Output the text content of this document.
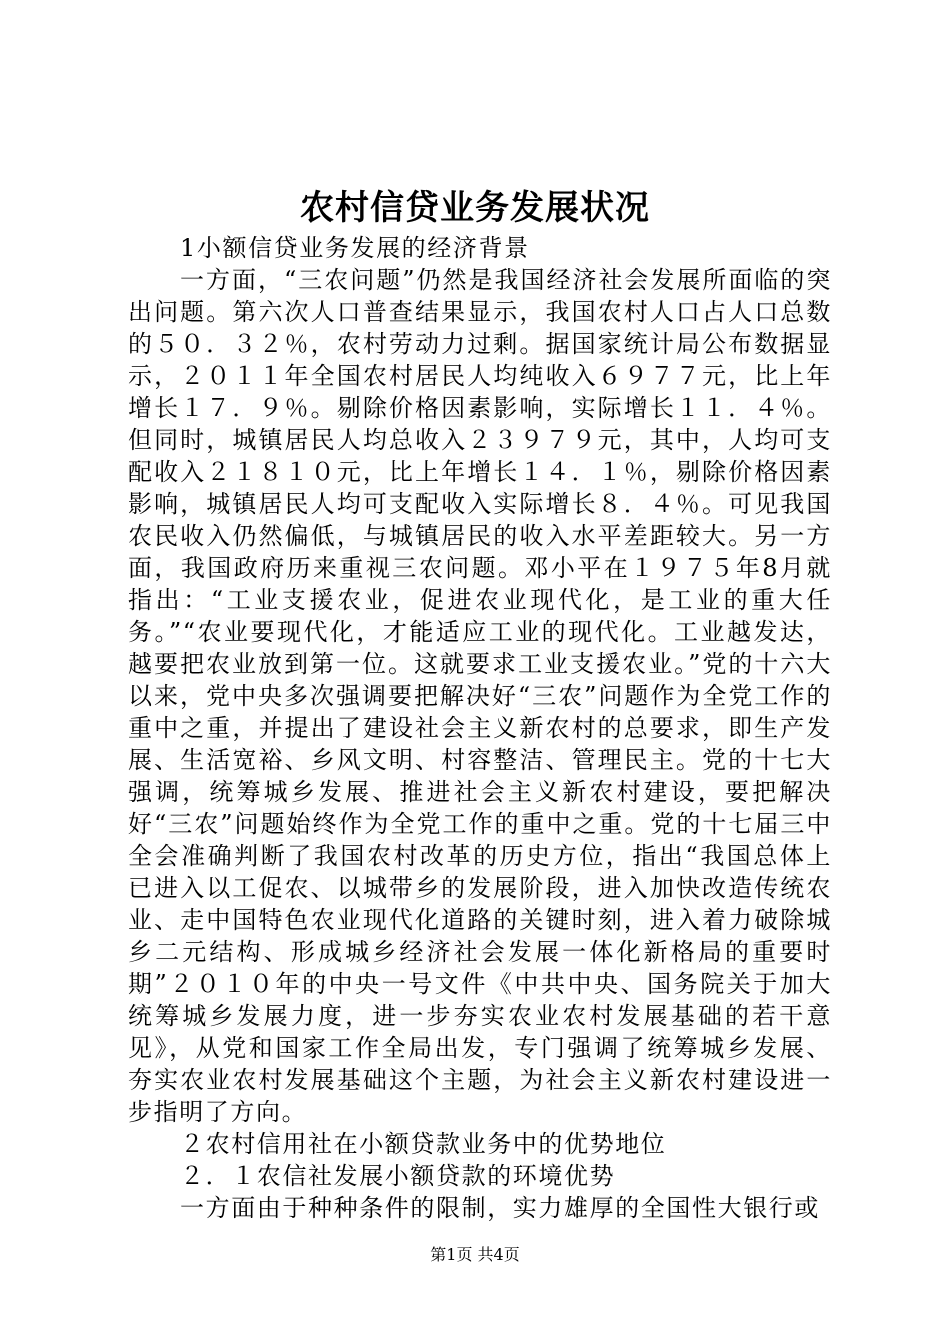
农村信贷业务发展状况

1小额信贷业务发展的经济背景

一方面，“三农问题”仍然是我国经济社会发展所面临的突出问题。第六次人口普查结果显示，我国农村人口占人口总数的５０．３２％，农村劳动力过剩。据国家统计局公布数据显示，２０１１年全国农村居民人均纯收入６９７７元，比上年增长１７．９％。剔除价格因素影响，实际增长１１．４％。但同时，城镇居民人均总收入２３９７９元，其中，人均可支配收入２１８１０元，比上年增长１４．１％，剔除价格因素影响，城镇居民人均可支配收入实际增长８．４％。可见我国农民收入仍然偏低，与城镇居民的收入水平差距较大。另一方面，我国政府历来重视三农问题。邓小平在１９７５年8月就指出：“工业支援农业，促进农业现代化，是工业的重大任务。”“农业要现代化，才能适应工业的现代化。工业越发达，越要把农业放到第一位。这就要求工业支援农业。”党的十六大以来，党中央多次强调要把解决好“三农”问题作为全党工作的重中之重，并提出了建设社会主义新农村的总要求，即生产发展、生活宽裕、乡风文明、村容整洁、管理民主。党的十七大强调，统筹城乡发展、推进社会主义新农村建设，要把解决好“三农”问题始终作为全党工作的重中之重。党的十七届三中全会准确判断了我国农村改革的历史方位，指出“我国总体上已进入以工促农、以城带乡的发展阶段，进入加快改造传统农业、走中国特色农业现代化道路的关键时刻，进入着力破除城乡二元结构、形成城乡经济社会发展一体化新格局的重要时期”２０１０年的中央一号文件《中共中央、国务院关于加大统筹城乡发展力度，进一步夯实农业农村发展基础的若干意见》，从党和国家工作全局出发，专门强调了统筹城乡发展、夯实农业农村发展基础这个主题，为社会主义新农村建设进一步指明了方向。

２农村信用社在小额贷款业务中的优势地位

２．１农信社发展小额贷款的环境优势

一方面由于种种条件的限制，实力雄厚的全国性大银行或

第1页 共4页
